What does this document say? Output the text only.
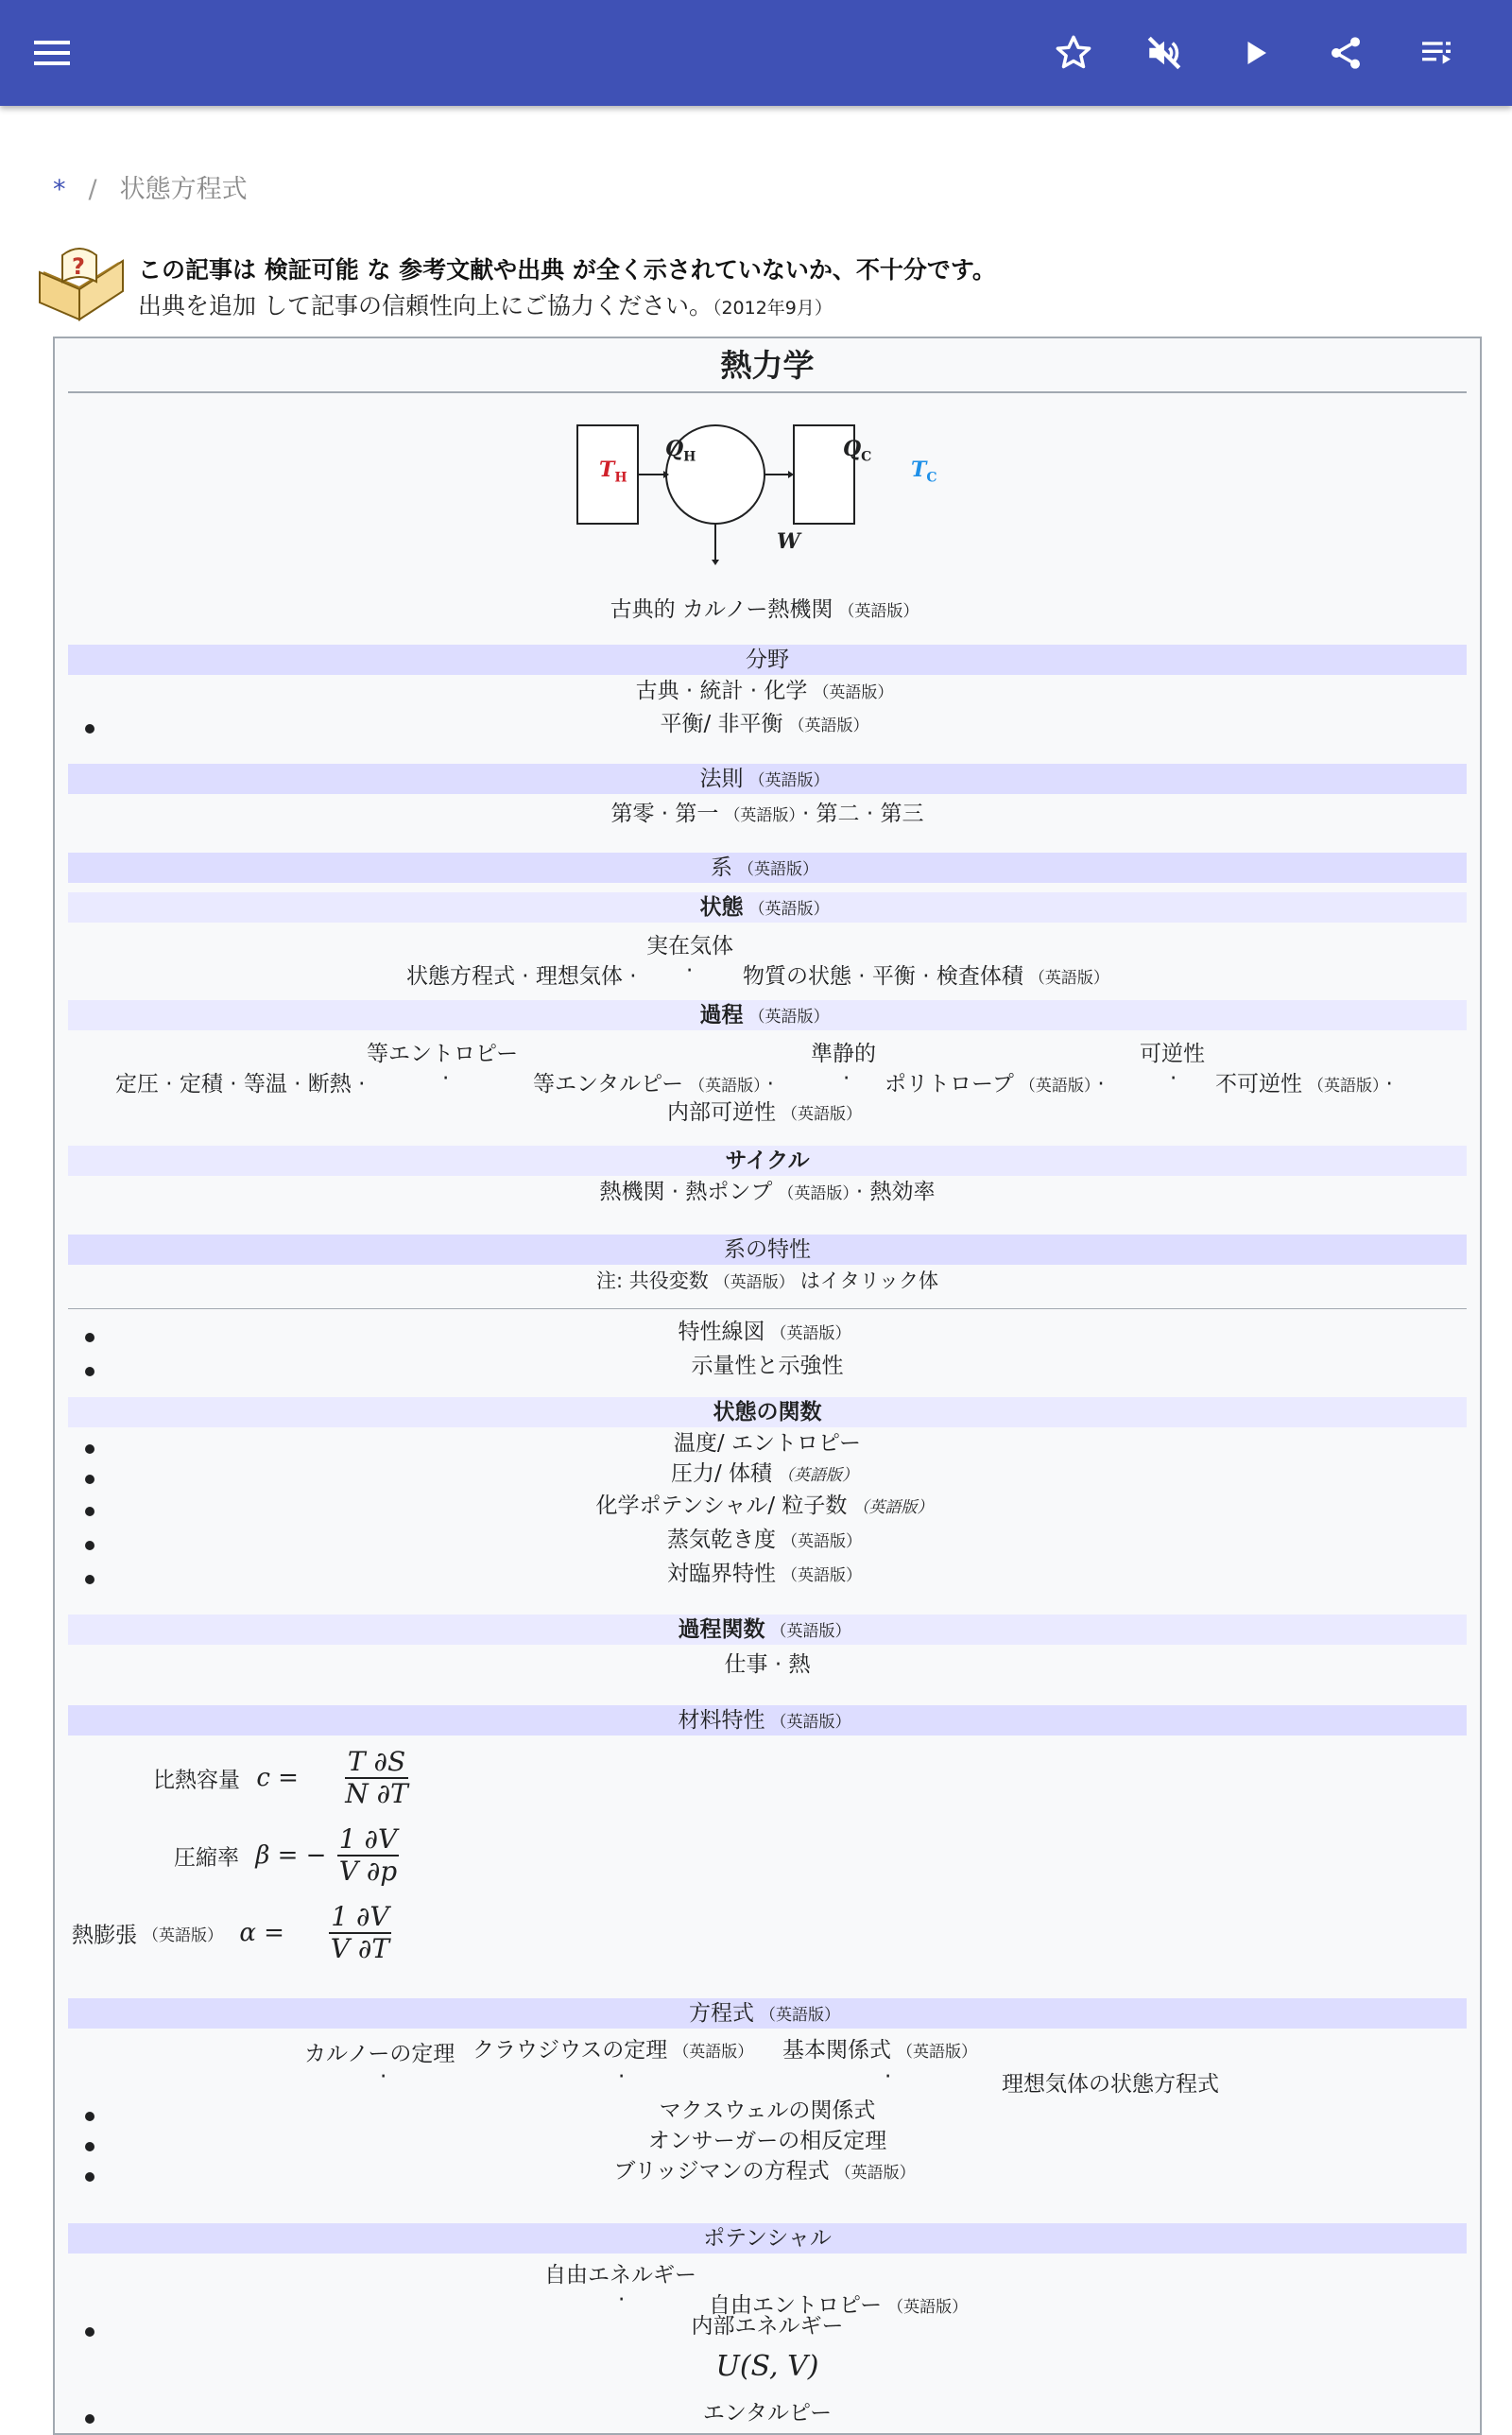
* / 状態方程式
? この記事は 検証可能 な 参考文献や出典 が全く示されていないか、不十分です。
出典を追加 して記事の信頼性向上にご協力ください。（2012年9月）
熱力学
$T_H$
$Q_H$	$Q_C$
$T_C$
W
古典的 カルノー熱機関 （英語版）
分野
古典 · 統計 · 化学 （英語版）
平衡/ 非平衡 （英語版）
法則 （英語版）
第零 · 第一 （英語版） · 第二 · 第三
系 （英語版）
状態 （英語版）
実在気体
状態方程式 · 理想気体 · · 物質の状態 · 平衡 · 検査体積 （英語版）
過程 （英語版）
等エントロピー	準静的	可逆性
定圧 · 定積 · 等温 · 断熱 ·	·	等エンタルピー （英語版） ·	· ポリトロープ （英語版） ·	· 不可逆性 （英語版） ·
内部可逆性 （英語版）
サイクル
熱機関 · 熱ポンプ （英語版） · 熱効率
系の特性
注: 共役変数 （英語版） はイタリック体
特性線図 （英語版）
示量性と示強性
状態の関数
温度/ エントロピー
圧力/ 体積 （英語版）
化学ポテンシャル/ 粒子数 （英語版）
蒸気乾き度 （英語版）
対臨界特性 （英語版）
過程関数 （英語版）
仕事 · 熱
材料特性 （英語版）
比熱容量 $c = \frac{T \partial S}{N \partial T}$
圧縮率 β = − $\frac{1 \partial V}{V \partial p}$
熱膨張 （英語版） $\alpha = \frac{1 \partial V}{V \partial T}$
方程式 （英語版）
カルノーの定理 クラウジウスの定理 （英語版） 基本関係式 （英語版）
·	·	·	理想気体の状態方程式
マクスウェルの関係式
オンサーガーの相反定理
ブリッジマンの方程式 （英語版）
ポテンシャル
自由エネルギー
·	自由エントロピー （英語版）
内部エネルギー
U(S, V)
エンタルピー
